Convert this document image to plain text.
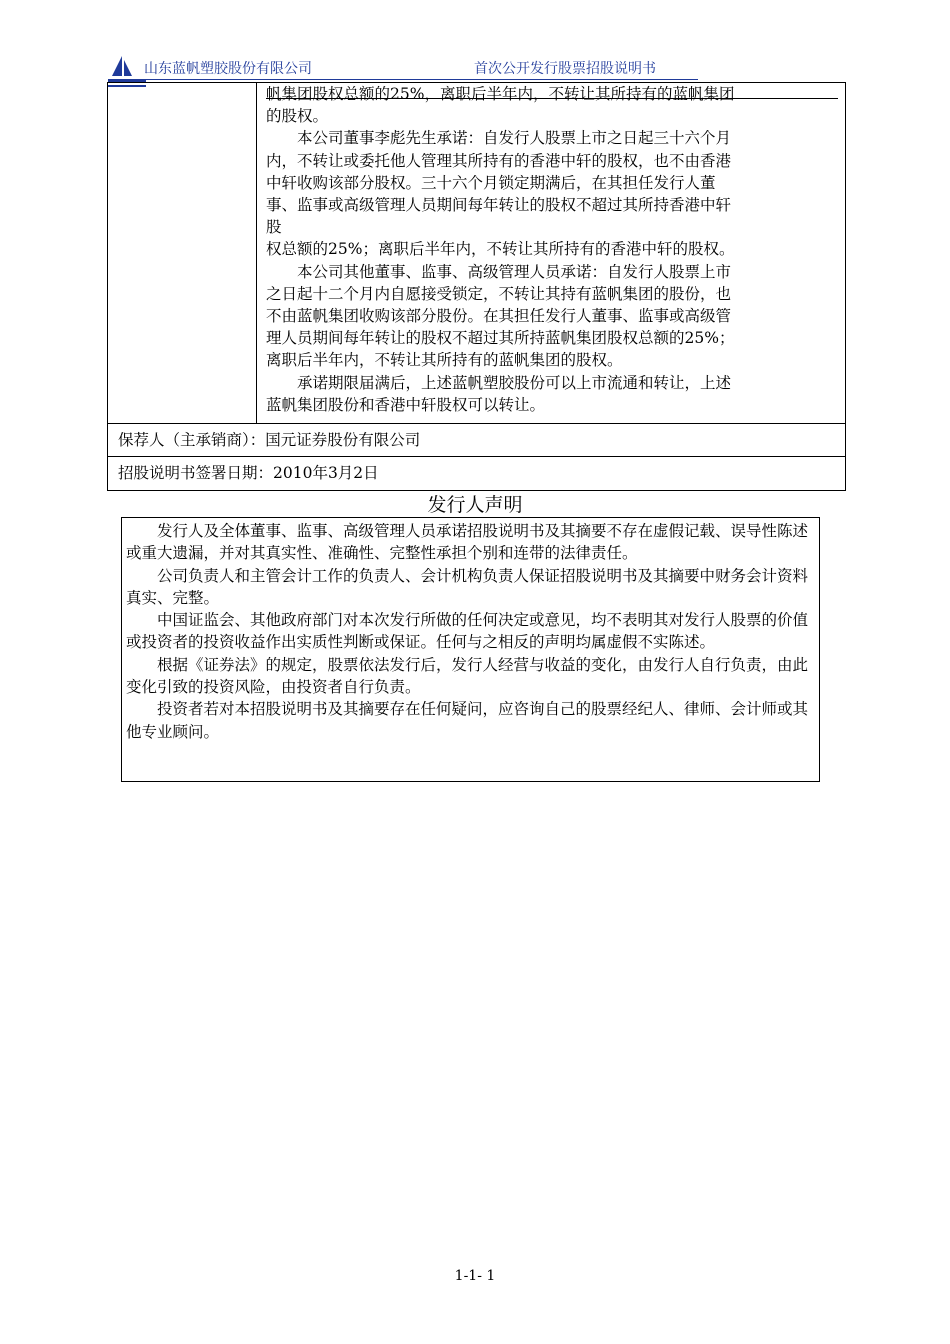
山东蓝帆塑胶股份有限公司	首次公开发行股票招股说明书

帆集团股权总额的25%，离职后半年内，不转让其所持有的蓝帆集团

的股权。

本公司董事李彪先生承诺：自发行人股票上市之日起三十六个月

内，不转让或委托他人管理其所持有的香港中轩的股权，也不由香港

中轩收购该部分股权。三十六个月锁定期满后，在其担任发行人董

事、监事或高级管理人员期间每年转让的股权不超过其所持香港中轩

股

权总额的25%；离职后半年内，不转让其所持有的香港中轩的股权。

本公司其他董事、监事、高级管理人员承诺：自发行人股票上市

之日起十二个月内自愿接受锁定，不转让其持有蓝帆集团的股份，也

不由蓝帆集团收购该部分股份。在其担任发行人董事、监事或高级管

理人员期间每年转让的股权不超过其所持蓝帆集团股权总额的25%；

离职后半年内，不转让其所持有的蓝帆集团的股权。

承诺期限届满后，上述蓝帆塑胶股份可以上市流通和转让，上述

蓝帆集团股份和香港中轩股权可以转让。

保荐人（主承销商）：国元证券股份有限公司
招股说明书签署日期：2010年3月2日
发行人声明

发行人及全体董事、监事、高级管理人员承诺招股说明书及其摘要不存在虚假记载、误导性陈述或重大遗漏，并对其真实性、准确性、完整性承担个别和连带的法律责任。

公司负责人和主管会计工作的负责人、会计机构负责人保证招股说明书及其摘要中财务会计资料真实、完整。

中国证监会、其他政府部门对本次发行所做的任何决定或意见，均不表明其对发行人股票的价值或投资者的投资收益作出实质性判断或保证。任何与之相反的声明均属虚假不实陈述。

根据《证券法》的规定，股票依法发行后，发行人经营与收益的变化，由发行人自行负责，由此变化引致的投资风险，由投资者自行负责。

投资者若对本招股说明书及其摘要存在任何疑问，应咨询自己的股票经纪人、律师、会计师或其他专业顾问。

1-1- 1
